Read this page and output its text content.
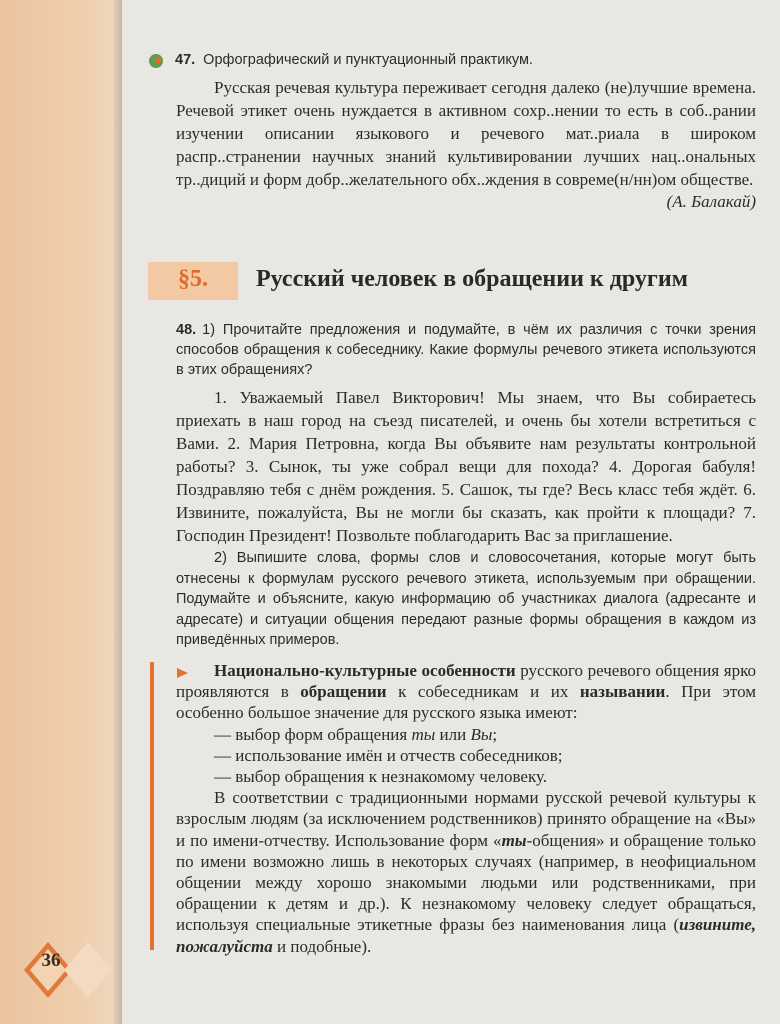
36
47. Орфографический и пунктуационный практикум.

Русская речевая культура переживает сегодня далеко (не)лучшие времена. Речевой этикет очень нуждается в активном сохр..нении то есть в соб..рании изучении описании языкового и речевого мат..риала в широком распр..странении научных знаний культивировании лучших нац..ональных тр..диций и форм добр..желательного обх..ждения в совреме(н/нн)ом обществе.

(А. Балакай)
§5. Русский человек в обращении к другим

48. 1) Прочитайте предложения и подумайте, в чём их различия с точки зрения способов обращения к собеседнику. Какие формулы речевого этикета используются в этих обращениях?

1. Уважаемый Павел Викторович! Мы знаем, что Вы собираетесь приехать в наш город на съезд писателей, и очень бы хотели встретиться с Вами. 2. Мария Петровна, когда Вы объявите нам результаты контрольной работы? 3. Сынок, ты уже собрал вещи для похода? 4. Дорогая бабуля! Поздравляю тебя с днём рождения. 5. Сашок, ты где? Весь класс тебя ждёт. 6. Извините, пожалуйста, Вы не могли бы сказать, как пройти к площади? 7. Господин Президент! Позвольте поблагодарить Вас за приглашение.

2) Выпишите слова, формы слов и словосочетания, которые могут быть отнесены к формулам русского речевого этикета, используемым при обращении. Подумайте и объясните, какую информацию об участниках диалога (адресанте и адресате) и ситуации общения передают разные формы обращения в каждом из приведённых примеров.

Национально-культурные особенности русского речевого общения ярко проявляются в обращении к собеседникам и их назывании. При этом особенно большое значение для русского языка имеют:

— выбор форм обращения ты или Вы;
— использование имён и отчеств собеседников;
— выбор обращения к незнакомому человеку.

В соответствии с традиционными нормами русской речевой культуры к взрослым людям (за исключением родственников) принято обращение на «Вы» и по имени-отчеству. Использование форм «ты-общения» и обращение только по имени возможно лишь в некоторых случаях (например, в неофициальном общении между хорошо знакомыми людьми или родственниками, при обращении к детям и др.). К незнакомому человеку следует обращаться, используя специальные этикетные фразы без наименования лица (извините, пожалуйста и подобные).
